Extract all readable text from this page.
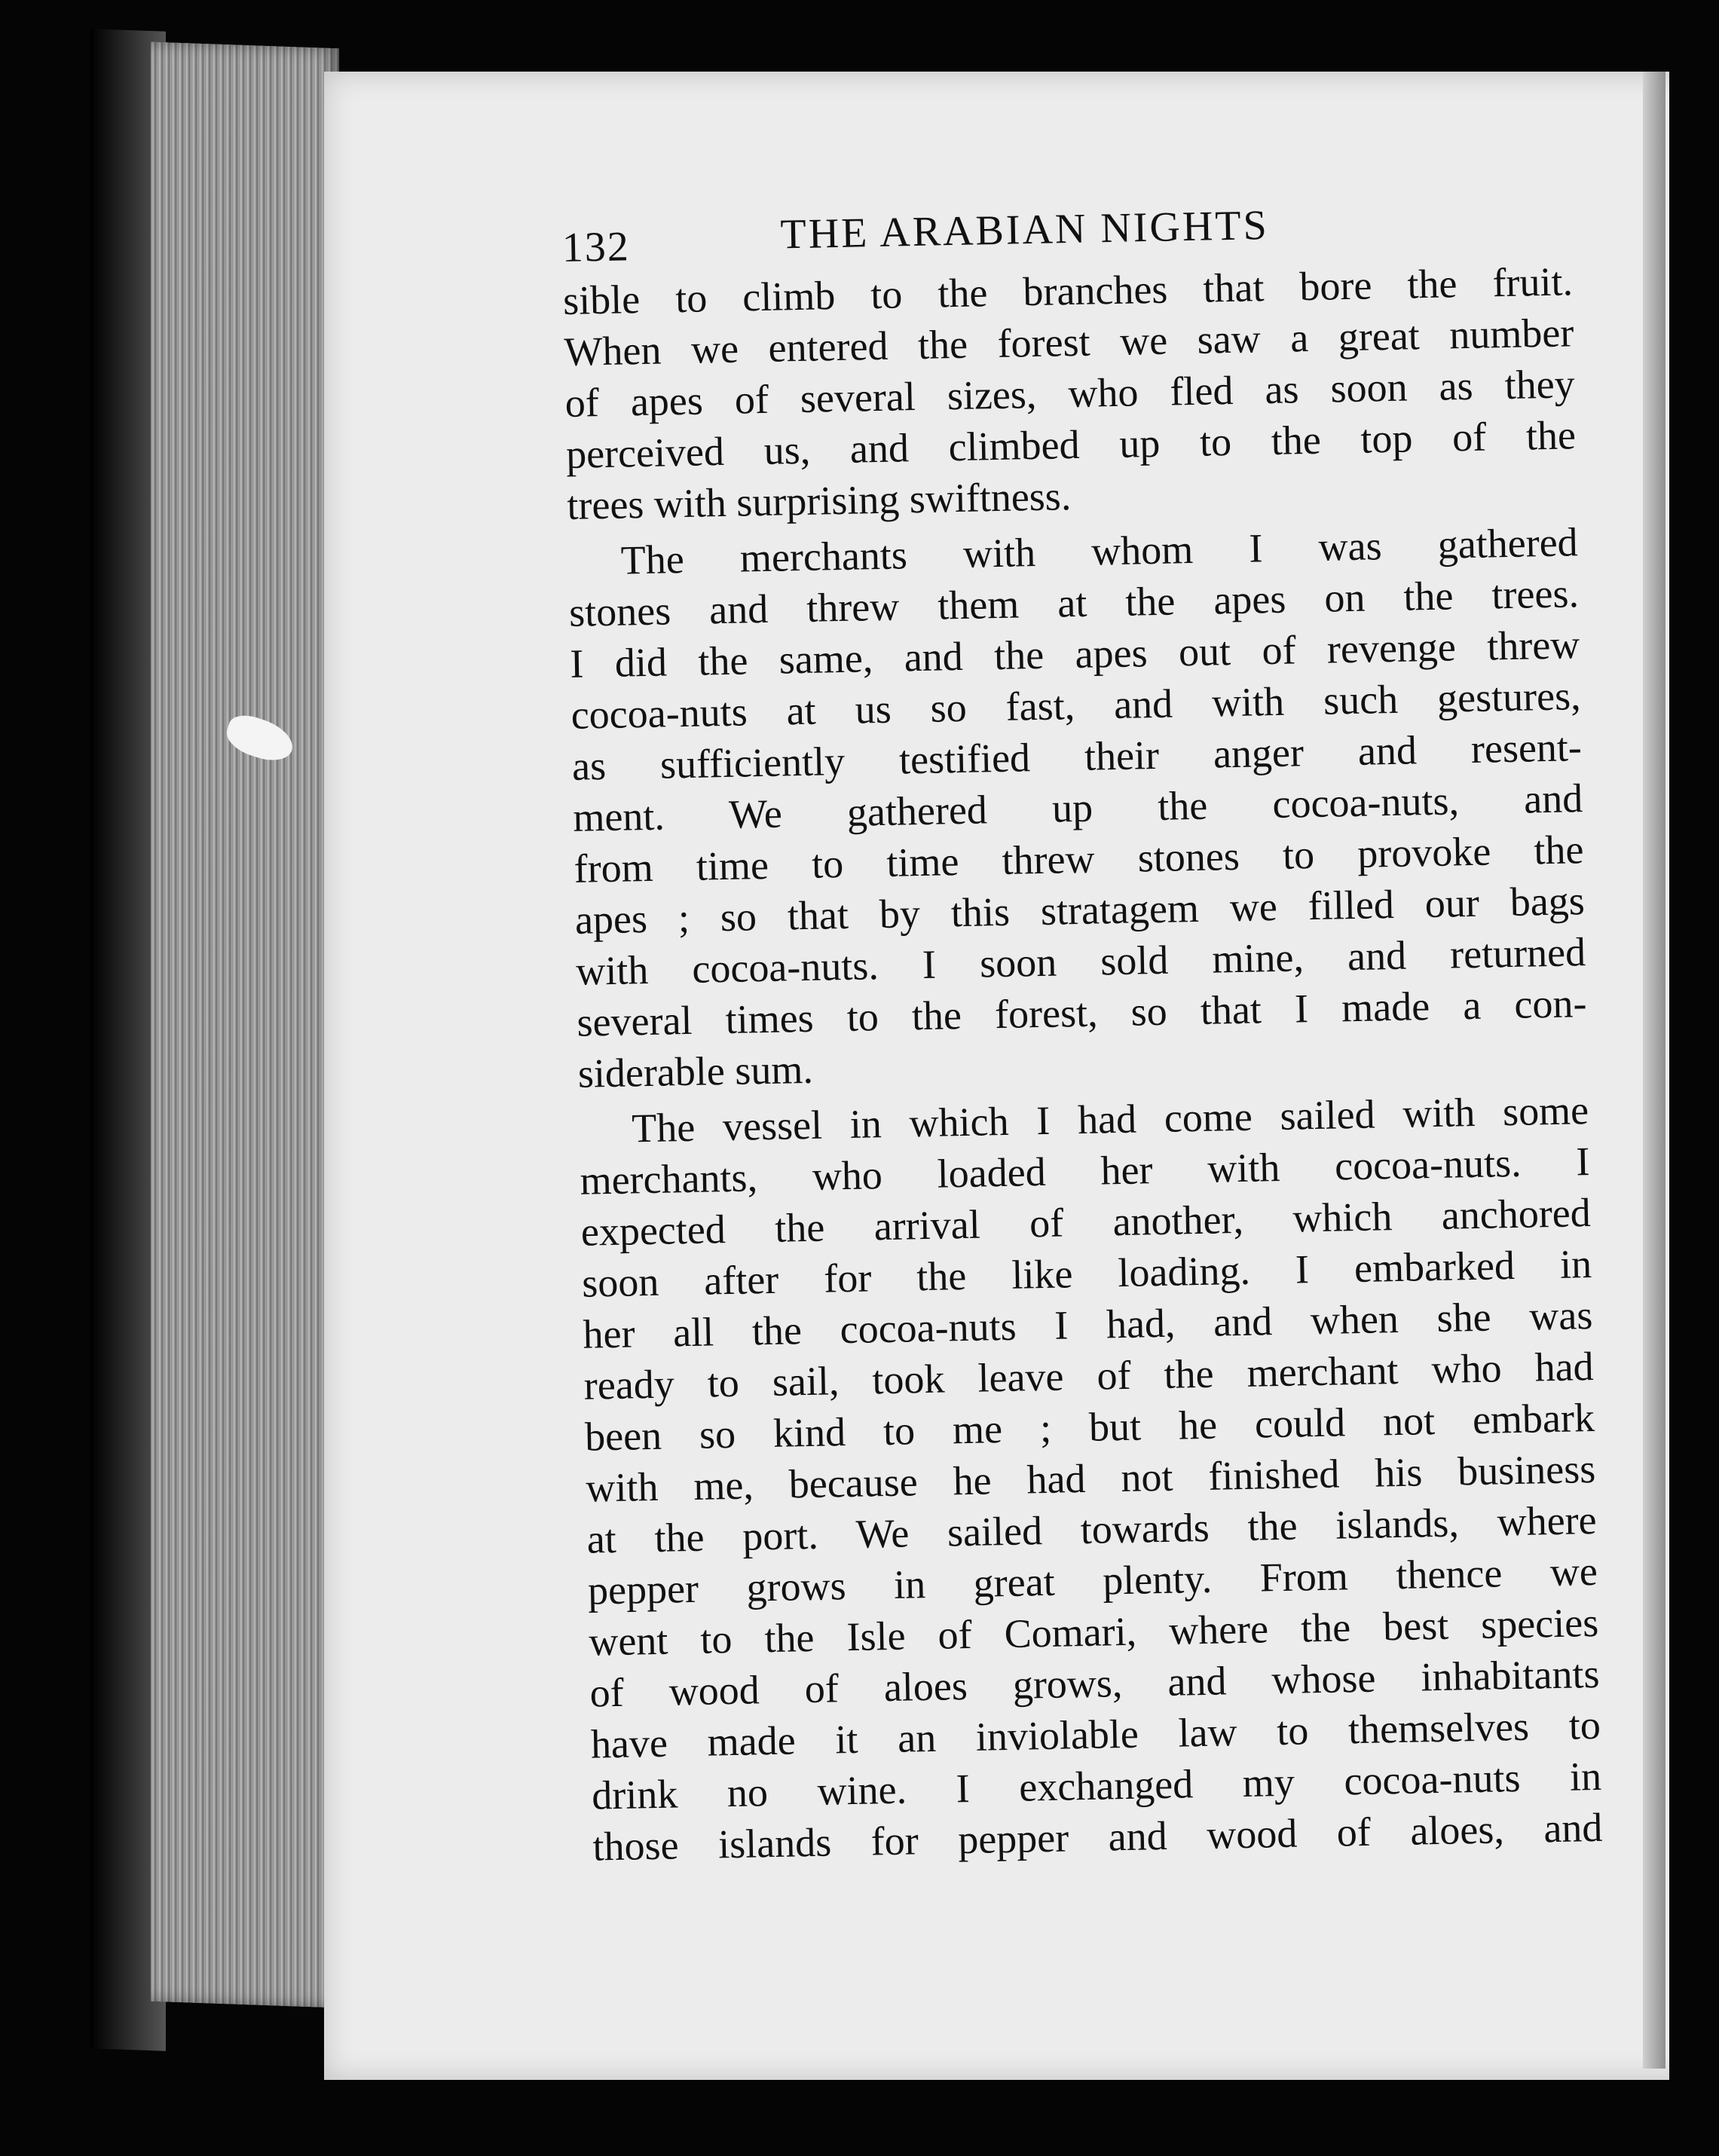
132	THE ARABIAN NIGHTS
sible to climb to the branches that bore the fruit.
When we entered the forest we saw a great number
of apes of several sizes, who fled as soon as they
perceived us, and climbed up to the top of the
trees with surprising swiftness.
The merchants with whom I was gathered
stones and threw them at the apes on the trees.
I did the same, and the apes out of revenge threw
cocoa-nuts at us so fast, and with such gestures,
as sufficiently testified their anger and resent-
ment. We gathered up the cocoa-nuts, and
from time to time threw stones to provoke the
apes ; so that by this stratagem we filled our bags
with cocoa-nuts. I soon sold mine, and returned
several times to the forest, so that I made a con-
siderable sum.
The vessel in which I had come sailed with some
merchants, who loaded her with cocoa-nuts. I
expected the arrival of another, which anchored
soon after for the like loading. I embarked in
her all the cocoa-nuts I had, and when she was
ready to sail, took leave of the merchant who had
been so kind to me ; but he could not embark
with me, because he had not finished his business
at the port. We sailed towards the islands, where
pepper grows in great plenty. From thence we
went to the Isle of Comari, where the best species
of wood of aloes grows, and whose inhabitants
have made it an inviolable law to themselves to
drink no wine. I exchanged my cocoa-nuts in
those islands for pepper and wood of aloes, and
